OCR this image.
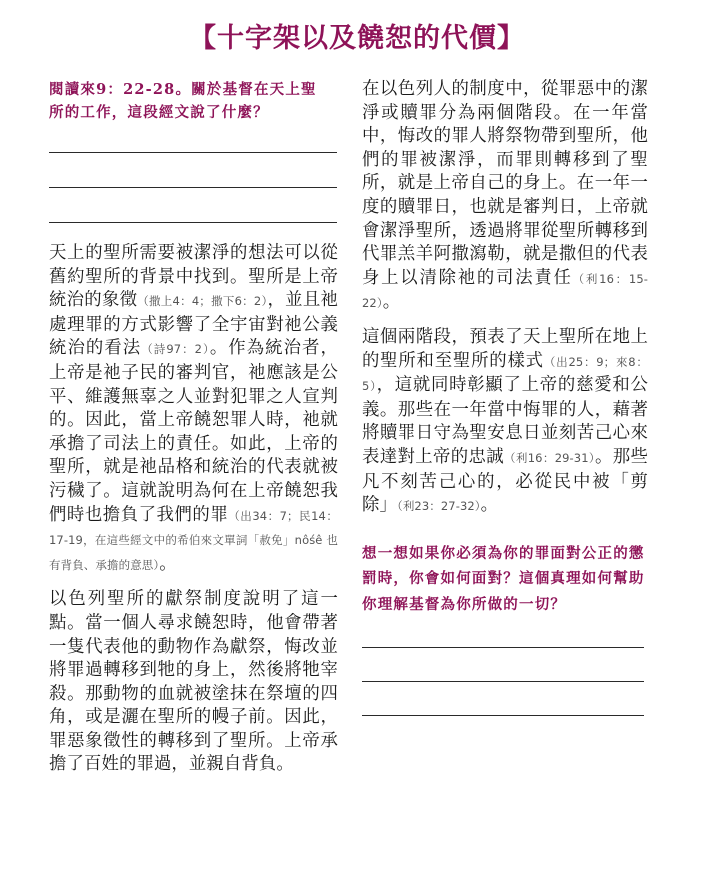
【十字架以及饒恕的代價】
閱讀來9：22-28。關於基督在天上聖所的工作，這段經文說了什麼？

天上的聖所需要被潔淨的想法可以從舊約聖所的背景中找到。聖所是上帝統治的象徵（撒上4：4；撒下6：2），並且祂處理罪的方式影響了全宇宙對祂公義統治的看法（詩97：2）。作為統治者，上帝是祂子民的審判官，祂應該是公平、維護無辜之人並對犯罪之人宣判的。因此，當上帝饒恕罪人時，祂就承擔了司法上的責任。如此，上帝的聖所，就是祂品格和統治的代表就被污穢了。這就說明為何在上帝饒恕我們時也擔負了我們的罪（出34：7；民14：17-19，在這些經文中的希伯來文單詞「赦免」nôśê 也有背負、承擔的意思）。

以色列聖所的獻祭制度說明了這一點。當一個人尋求饒恕時，他會帶著一隻代表他的動物作為獻祭，悔改並將罪過轉移到牠的身上，然後將牠宰殺。那動物的血就被塗抹在祭壇的四角，或是灑在聖所的幔子前。因此，罪惡象徵性的轉移到了聖所。上帝承擔了百姓的罪過，並親自背負。

在以色列人的制度中，從罪惡中的潔淨或贖罪分為兩個階段。在一年當中，悔改的罪人將祭物帶到聖所，他們的罪被潔淨，而罪則轉移到了聖所，就是上帝自己的身上。在一年一度的贖罪日，也就是審判日，上帝就會潔淨聖所，透過將罪從聖所轉移到代罪羔羊阿撒瀉勒，就是撒但的代表身上以清除祂的司法責任（利16：15-22）。

這個兩階段，預表了天上聖所在地上的聖所和至聖所的樣式（出25：9；來8：5），這就同時彰顯了上帝的慈愛和公義。那些在一年當中悔罪的人，藉著將贖罪日守為聖安息日並刻苦己心來表達對上帝的忠誠（利16：29-31）。那些凡不刻苦己心的，必從民中被「剪除」（利23：27-32）。

想一想如果你必須為你的罪面對公正的懲罰時，你會如何面對？這個真理如何幫助你理解基督為你所做的一切？
